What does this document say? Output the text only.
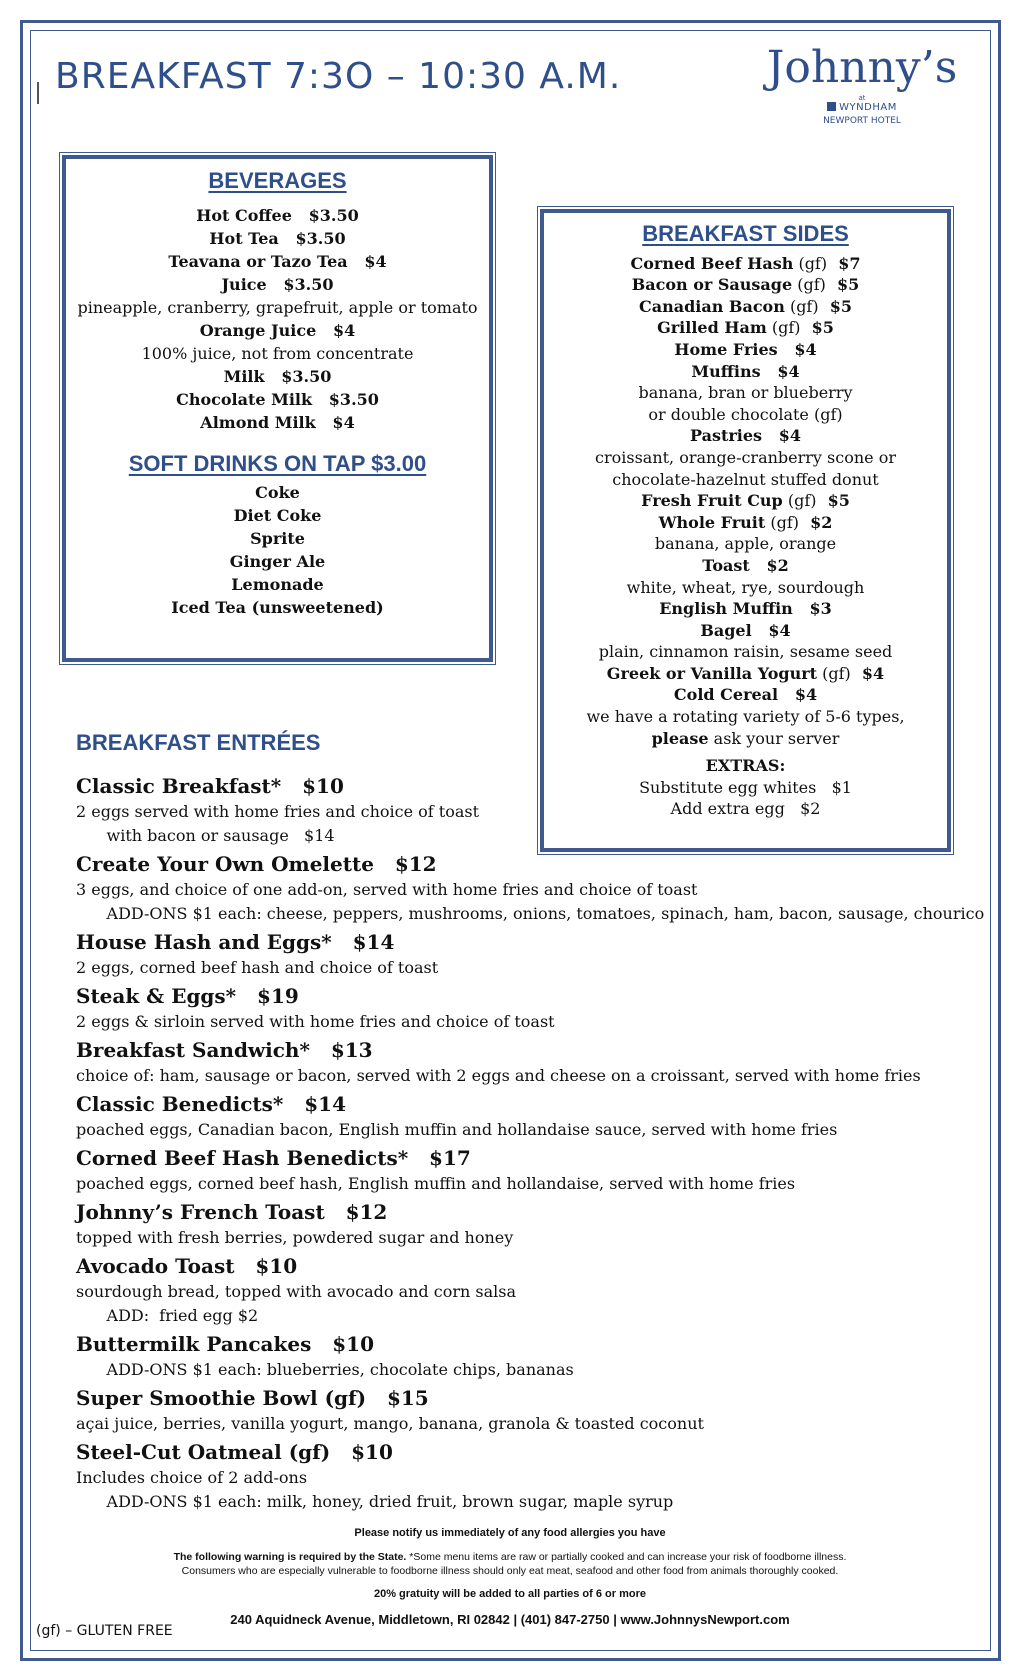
BREAKFAST 7:3O – 10:30 A.M.	Johnny’s
at
WYNDHAM
NEWPORT HOTEL
BEVERAGES
Hot Coffee   $3.50
Hot Tea   $3.50
Teavana or Tazo Tea   $4
Juice   $3.50
pineapple, cranberry, grapefruit, apple or tomato
Orange Juice   $4
100% juice, not from concentrate
Milk   $3.50
Chocolate Milk   $3.50
Almond Milk   $4
SOFT DRINKS ON TAP $3.00
Coke
Diet Coke
Sprite
Ginger Ale
Lemonade
Iced Tea (unsweetened)
BREAKFAST SIDES
Corned Beef Hash (gf)  $7
Bacon or Sausage (gf)  $5
Canadian Bacon (gf)  $5
Grilled Ham (gf)  $5
Home Fries   $4
Muffins   $4
banana, bran or blueberry
or double chocolate (gf)
Pastries   $4
croissant, orange-cranberry scone or
chocolate-hazelnut stuffed donut
Fresh Fruit Cup (gf)  $5
Whole Fruit (gf)  $2
banana, apple, orange
Toast   $2
white, wheat, rye, sourdough
English Muffin   $3
Bagel   $4
plain, cinnamon raisin, sesame seed
Greek or Vanilla Yogurt (gf)  $4
Cold Cereal   $4
we have a rotating variety of 5-6 types,
please ask your server
EXTRAS:
Substitute egg whites   $1
Add extra egg   $2
BREAKFAST ENTRÉES
Classic Breakfast*   $10
2 eggs served with home fries and choice of toast
with bacon or sausage   $14
Create Your Own Omelette   $12
3 eggs, and choice of one add-on, served with home fries and choice of toast
ADD-ONS $1 each: cheese, peppers, mushrooms, onions, tomatoes, spinach, ham, bacon, sausage, chourico
House Hash and Eggs*   $14
2 eggs, corned beef hash and choice of toast
Steak & Eggs*   $19
2 eggs & sirloin served with home fries and choice of toast
Breakfast Sandwich*   $13
choice of: ham, sausage or bacon, served with 2 eggs and cheese on a croissant, served with home fries
Classic Benedicts*   $14
poached eggs, Canadian bacon, English muffin and hollandaise sauce, served with home fries
Corned Beef Hash Benedicts*   $17
poached eggs, corned beef hash, English muffin and hollandaise, served with home fries
Johnny’s French Toast   $12
topped with fresh berries, powdered sugar and honey
Avocado Toast   $10
sourdough bread, topped with avocado and corn salsa
ADD:  fried egg $2
Buttermilk Pancakes   $10
ADD-ONS $1 each: blueberries, chocolate chips, bananas
Super Smoothie Bowl (gf)   $15
açai juice, berries, vanilla yogurt, mango, banana, granola & toasted coconut
Steel-Cut Oatmeal (gf)   $10
Includes choice of 2 add-ons
ADD-ONS $1 each: milk, honey, dried fruit, brown sugar, maple syrup
Please notify us immediately of any food allergies you have
The following warning is required by the State. *Some menu items are raw or partially cooked and can increase your risk of foodborne illness.
Consumers who are especially vulnerable to foodborne illness should only eat meat, seafood and other food from animals thoroughly cooked.
20% gratuity will be added to all parties of 6 or more
240 Aquidneck Avenue, Middletown, RI 02842 | (401) 847-2750 | www.JohnnysNewport.com
(gf) – GLUTEN FREE
